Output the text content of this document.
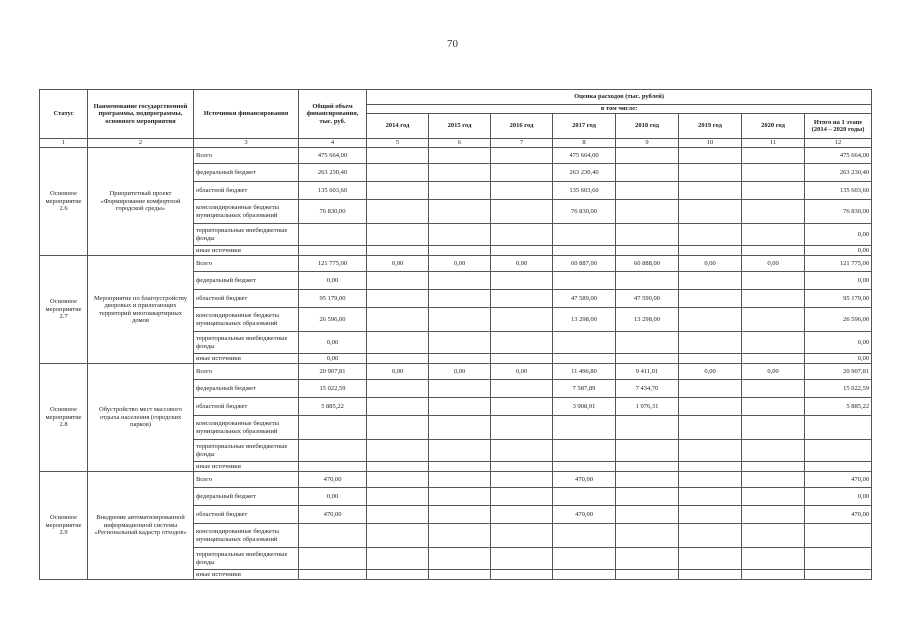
70
Статус	Наименование государственной программы, подпрограммы, основного мероприятия	Источники финансирования	Общий объем финансирования, тыс. руб.	Оценка расходов (тыс. рублей)							
				в том числе:							
				2014 год	2015 год	2016 год	2017 год	2018 год	2019 год	2020 год	Итого на 1 этапе (2014 – 2020 годы)
1	2	3	4	5	6	7	8	9	10	11	12
Основное мероприятие 2.6	Приоритетный проект «Формирование комфортной городской среды»	Всего	475 664,00				475 664,00				475 664,00
		федеральный бюджет	263 230,40				263 230,40				263 230,40
		областной бюджет	135 603,60				135 603,60				135 603,60
		консолидированные бюджеты муниципальных образований	76 830,00				76 830,00				76 830,00
		территориальные внебюджетные фонды									0,00
		иные источники									0,00
Основное мероприятие 2.7	Мероприятие по благоустройству дворовых и прилегающих территорий многоквартирных домов	Всего	121 775,00	0,00	0,00	0,00	60 887,00	60 888,00	0,00	0,00	121 775,00
		федеральный бюджет	0,00								0,00
		областной бюджет	95 179,00				47 589,00	47 590,00			95 179,00
		консолидированные бюджеты муниципальных образований	26 596,00				13 298,00	13 298,00			26 596,00
		территориальные внебюджетные фонды	0,00								0,00
		иные источники	0,00								0,00
Основное мероприятие 2.8	Обустройство мест массового отдыха населения (городских парков)	Всего	20 907,81	0,00	0,00	0,00	11 496,80	9 411,01	0,00	0,00	20 907,81
		федеральный бюджет	15 022,59				7 587,89	7 434,70			15 022,59
		областной бюджет	5 885,22				3 908,91	1 976,31			5 885,22
		консолидированные бюджеты муниципальных образований									
		территориальные внебюджетные фонды									
		иные источники									
Основное мероприятие 2.9	Внедрение автоматизированной информационной системы «Региональный кадастр отходов»	Всего	470,00				470,00				470,00
		федеральный бюджет	0,00								0,00
		областной бюджет	470,00				470,00				470,00
		консолидированные бюджеты муниципальных образований									
		территориальные внебюджетные фонды									
		иные источники									
